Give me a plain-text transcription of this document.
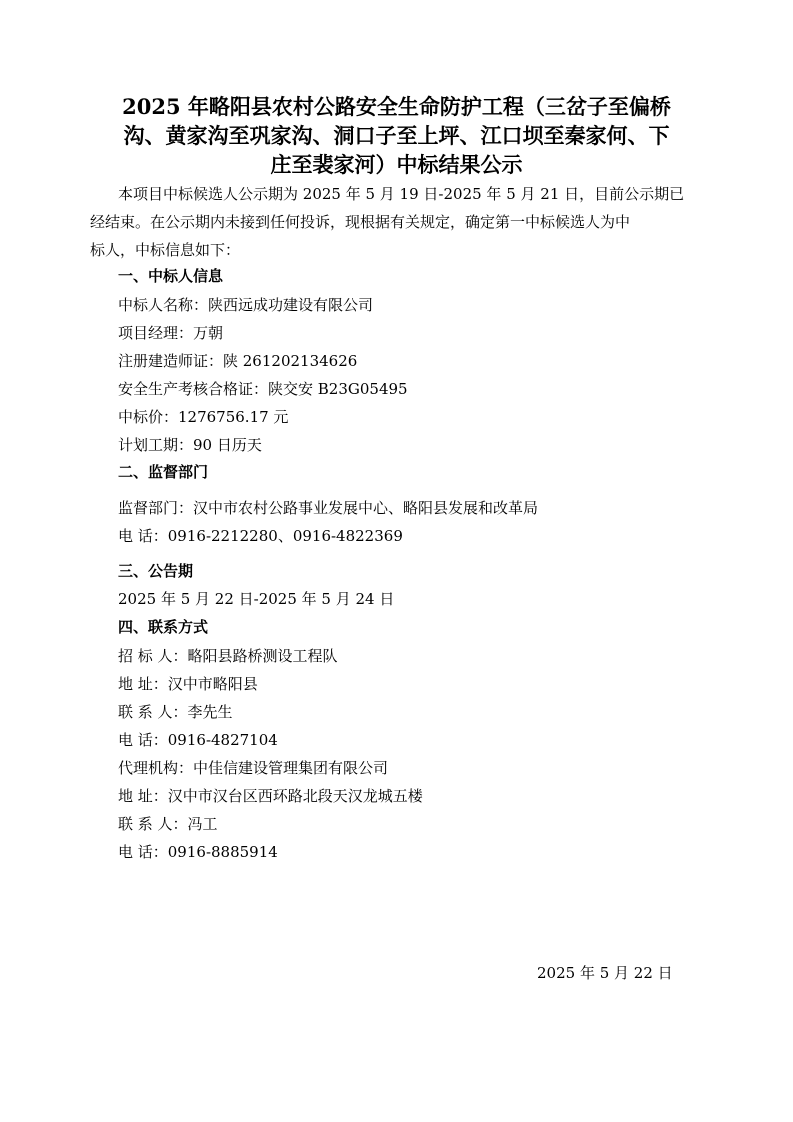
2025 年略阳县农村公路安全生命防护工程（三岔子至偏桥
沟、黄家沟至巩家沟、洞口子至上坪、江口坝至秦家何、下
庄至裴家河）中标结果公示
本项目中标候选人公示期为 2025 年 5 月 19 日-2025 年 5 月 21 日，目前公示期已
经结束。在公示期内未接到任何投诉，现根据有关规定，确定第一中标候选人为中
标人，中标信息如下：
一、中标人信息
中标人名称：陕西远成功建设有限公司
项目经理：万朝
注册建造师证：陕 261202134626
安全生产考核合格证：陕交安 B23G05495
中标价：1276756.17 元
计划工期：90 日历天
二、监督部门
监督部门：汉中市农村公路事业发展中心、略阳县发展和改革局
电 话：0916-2212280、0916-4822369
三、公告期
2025 年 5 月 22 日-2025 年 5 月 24 日
四、联系方式
招 标 人：略阳县路桥测设工程队
地 址：汉中市略阳县
联 系 人：李先生
电 话：0916-4827104
代理机构：中佳信建设管理集团有限公司
地 址：汉中市汉台区西环路北段天汉龙城五楼
联 系 人：冯工
电 话：0916-8885914
2025 年 5 月 22 日
